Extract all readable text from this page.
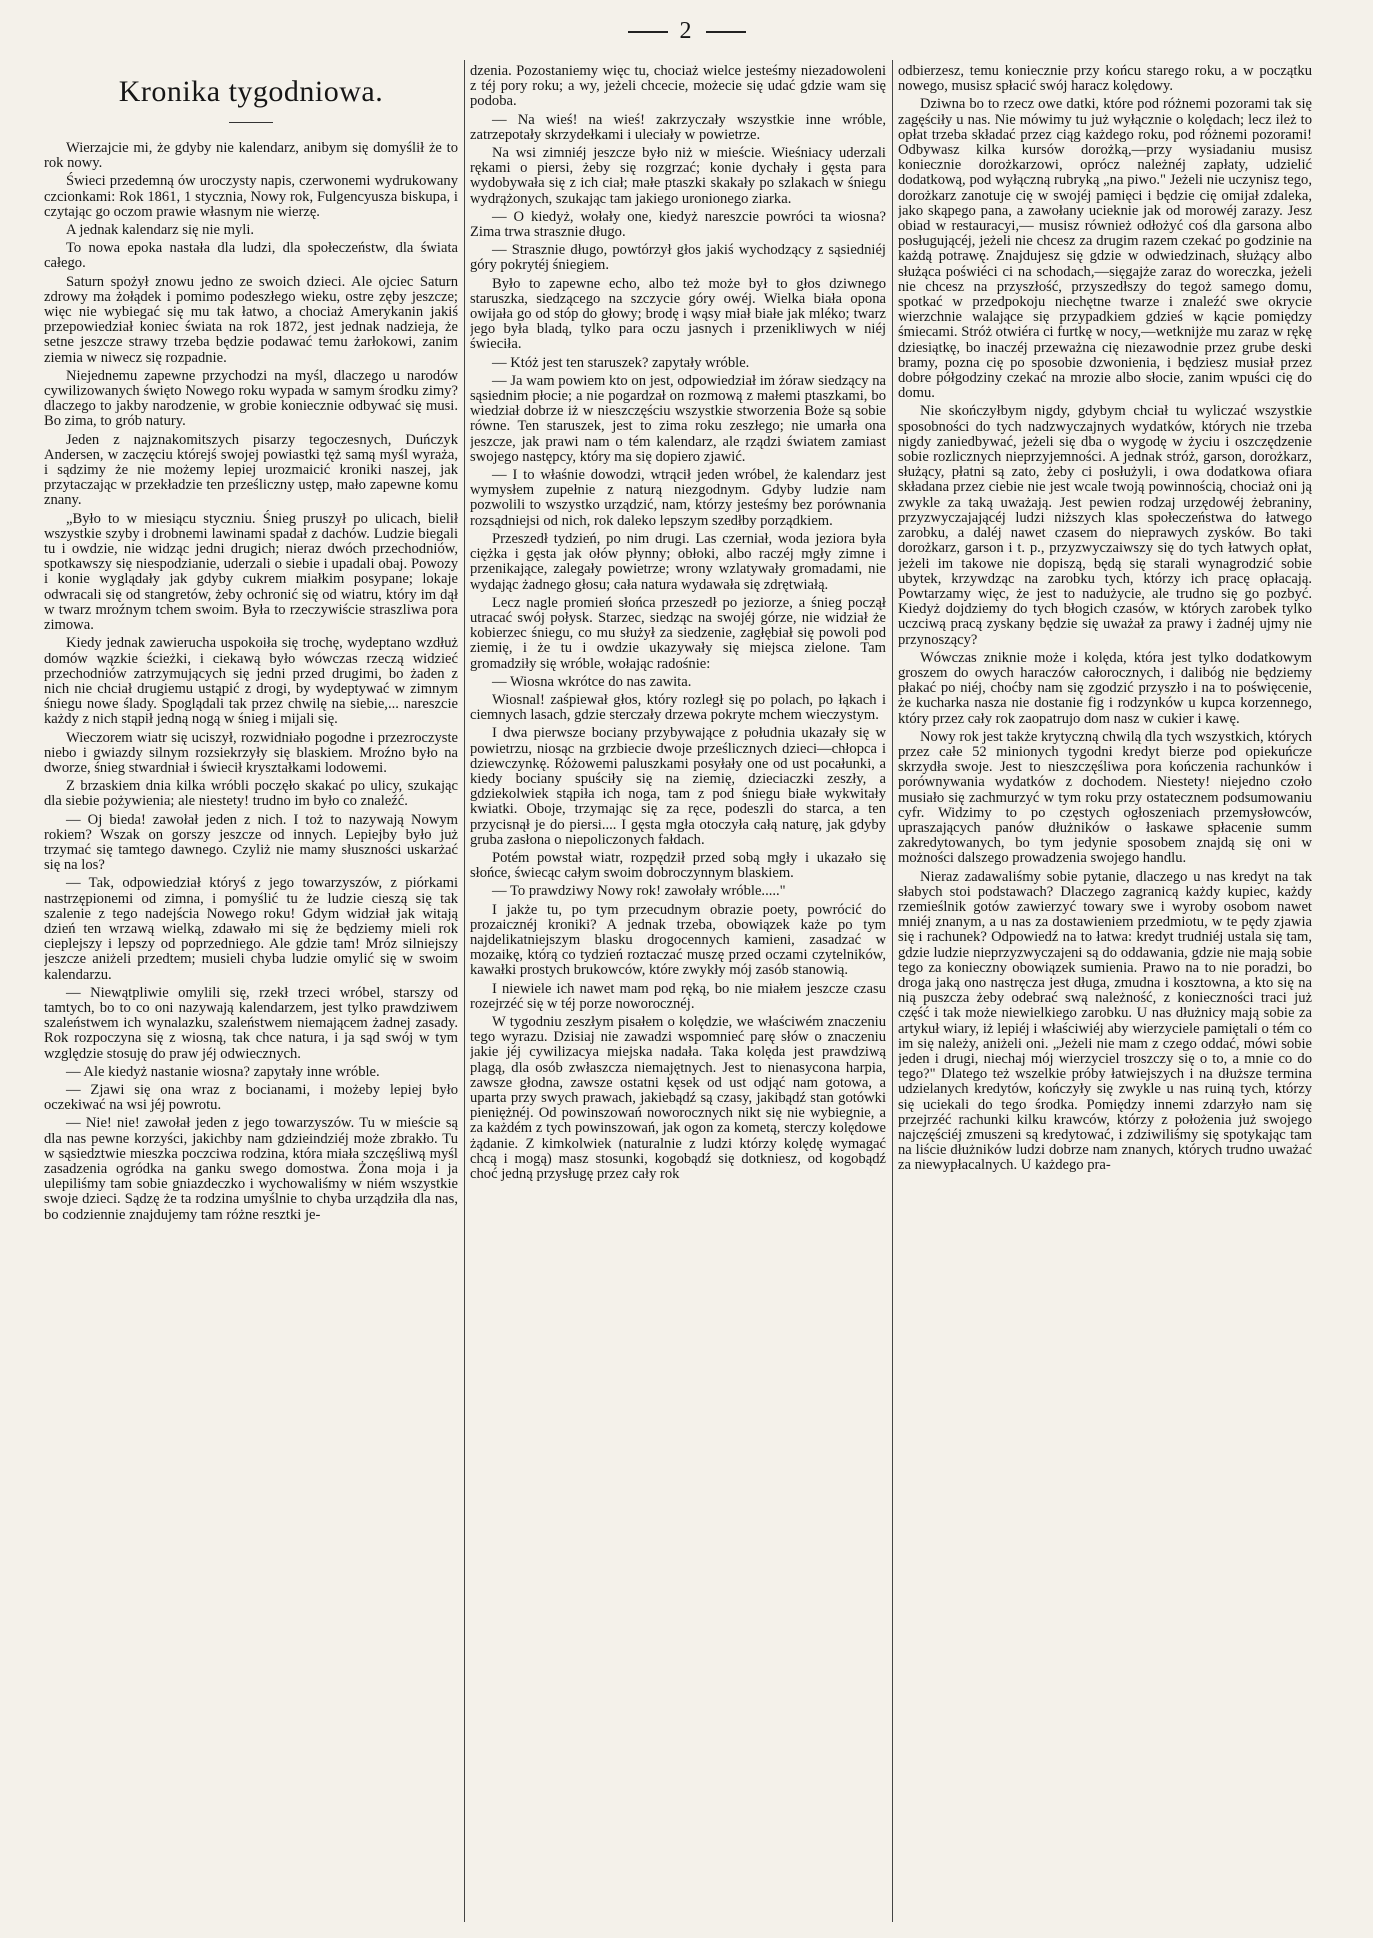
2
Kronika tygodniowa.

Wierzajcie mi, że gdyby nie kalendarz, anibym się domyślił że to rok nowy.

Świeci przedemną ów uroczysty napis, czerwonemi wydrukowany czcionkami: Rok 1861, 1 stycznia, Nowy rok, Fulgencyusza biskupa, i czytając go oczom prawie własnym nie wierzę.

A jednak kalendarz się nie myli.

To nowa epoka nastała dla ludzi, dla społeczeństw, dla świata całego.

Saturn spożył znowu jedno ze swoich dzieci. Ale ojciec Saturn zdrowy ma żołądek i pomimo podeszłego wieku, ostre zęby jeszcze; więc nie wybiegać się mu tak łatwo, a chociaż Amerykanin jakiś przepowiedział koniec świata na rok 1872, jest jednak nadzieja, że setne jeszcze strawy trzeba będzie podawać temu żarłokowi, zanim ziemia w niwecz się rozpadnie.

Niejednemu zapewne przychodzi na myśl, dlaczego u narodów cywilizowanych święto Nowego roku wypada w samym środku zimy? dlaczego to jakby narodzenie, w grobie koniecznie odbywać się musi. Bo zima, to grób natury.

Jeden z najznakomitszych pisarzy tegoczesnych, Duńczyk Andersen, w zaczęciu którejś swojej powiastki tęż samą myśl wyraża, i sądzimy że nie możemy lepiej urozmaicić kroniki naszej, jak przytaczając w przekładzie ten prześliczny ustęp, mało zapewne komu znany.

„Było to w miesiącu styczniu. Śnieg pruszył po ulicach, bielił wszystkie szyby i drobnemi lawinami spadał z dachów. Ludzie biegali tu i owdzie, nie widząc jedni drugich; nieraz dwóch przechodniów, spotkawszy się niespodzianie, uderzali o siebie i upadali obaj. Powozy i konie wyglądały jak gdyby cukrem miałkim posypane; lokaje odwracali się od stangretów, żeby ochronić się od wiatru, który im dął w twarz mroźnym tchem swoim. Była to rzeczywiście straszliwa pora zimowa.

Kiedy jednak zawierucha uspokoiła się trochę, wydeptano wzdłuż domów wązkie ścieżki, i ciekawą było wówczas rzeczą widzieć przechodniów zatrzymujących się jedni przed drugimi, bo żaden z nich nie chciał drugiemu ustąpić z drogi, by wydeptywać w zimnym śniegu nowe ślady. Spoglądali tak przez chwilę na siebie,... nareszcie każdy z nich stąpił jedną nogą w śnieg i mijali się.

Wieczorem wiatr się uciszył, rozwidniało pogodne i przezroczyste niebo i gwiazdy silnym rozsiekrzyły się blaskiem. Mroźno było na dworze, śnieg stwardniał i świecił kryształkami lodowemi.

Z brzaskiem dnia kilka wróbli poczęło skakać po ulicy, szukając dla siebie pożywienia; ale niestety! trudno im było co znaleźć.

— Oj bieda! zawołał jeden z nich. I toż to nazywają Nowym rokiem? Wszak on gorszy jeszcze od innych. Lepiejby było już trzymać się tamtego dawnego. Czyliż nie mamy słuszności uskarżać się na los?

— Tak, odpowiedział któryś z jego towarzyszów, z piórkami nastrzępionemi od zimna, i pomyślić tu że ludzie cieszą się tak szalenie z tego nadejścia Nowego roku! Gdym widział jak witają dzień ten wrzawą wielką, zdawało mi się że będziemy mieli rok cieplejszy i lepszy od poprzedniego. Ale gdzie tam! Mróz silniejszy jeszcze aniżeli przedtem; musieli chyba ludzie omylić się w swoim kalendarzu.

— Niewątpliwie omylili się, rzekł trzeci wróbel, starszy od tamtych, bo to co oni nazywają kalendarzem, jest tylko prawdziwem szaleństwem ich wynalazku, szaleństwem niemającem żadnej zasady. Rok rozpoczyna się z wiosną, tak chce natura, i ja sąd swój w tym względzie stosuję do praw jéj odwiecznych.

— Ale kiedyż nastanie wiosna? zapytały inne wróble.

— Zjawi się ona wraz z bocianami, i możeby lepiej było oczekiwać na wsi jéj powrotu.

— Nie! nie! zawołał jeden z jego towarzyszów. Tu w mieście są dla nas pewne korzyści, jakichby nam gdzieindziéj może zbrakło. Tu w sąsiedztwie mieszka poczciwa rodzina, która miała szczęśliwą myśl zasadzenia ogródka na ganku swego domostwa. Żona moja i ja ulepiliśmy tam sobie gniazdeczko i wychowaliśmy w niém wszystkie swoje dzieci. Sądzę że ta rodzina umyślnie to chyba urządziła dla nas, bo codziennie znajdujemy tam różne resztki je-

dzenia. Pozostaniemy więc tu, chociaż wielce jesteśmy niezadowoleni z téj pory roku; a wy, jeżeli chcecie, możecie się udać gdzie wam się podoba.

— Na wieś! na wieś! zakrzyczały wszystkie inne wróble, zatrzepotały skrzydełkami i uleciały w powietrze.

Na wsi zimniéj jeszcze było niż w mieście. Wieśniacy uderzali rękami o piersi, żeby się rozgrzać; konie dychały i gęsta para wydobywała się z ich ciał; małe ptaszki skakały po szlakach w śniegu wydrążonych, szukając tam jakiego uronionego ziarka.

— O kiedyż, wołały one, kiedyż nareszcie powróci ta wiosna? Zima trwa strasznie długo.

— Strasznie długo, powtórzył głos jakiś wychodzący z sąsiedniéj góry pokrytéj śniegiem.

Było to zapewne echo, albo też może był to głos dziwnego staruszka, siedzącego na szczycie góry owéj. Wielka biała opona owijała go od stóp do głowy; brodę i wąsy miał białe jak mléko; twarz jego była bladą, tylko para oczu jasnych i przenikliwych w niéj świeciła.

— Któż jest ten staruszek? zapytały wróble.

— Ja wam powiem kto on jest, odpowiedział im żóraw siedzący na sąsiednim płocie; a nie pogardzał on rozmową z małemi ptaszkami, bo wiedział dobrze iż w nieszczęściu wszystkie stworzenia Boże są sobie równe. Ten staruszek, jest to zima roku zeszłego; nie umarła ona jeszcze, jak prawi nam o tém kalendarz, ale rządzi światem zamiast swojego następcy, który ma się dopiero zjawić.

— I to właśnie dowodzi, wtrącił jeden wróbel, że kalendarz jest wymysłem zupełnie z naturą niezgodnym. Gdyby ludzie nam pozwolili to wszystko urządzić, nam, którzy jesteśmy bez porównania rozsądniejsi od nich, rok daleko lepszym szedłby porządkiem.

Przeszedł tydzień, po nim drugi. Las czerniał, woda jeziora była ciężka i gęsta jak ołów płynny; obłoki, albo raczéj mgły zimne i przenikające, zalegały powietrze; wrony wzlatywały gromadami, nie wydając żadnego głosu; cała natura wydawała się zdrętwiałą.

Lecz nagle promień słońca przeszedł po jeziorze, a śnieg począł utracać swój połysk. Starzec, siedząc na swojéj górze, nie widział że kobierzec śniegu, co mu służył za siedzenie, zagłębiał się powoli pod ziemię, i że tu i owdzie ukazywały się miejsca zielone. Tam gromadziły się wróble, wołając radośnie:

— Wiosna wkrótce do nas zawita.

Wiosnal! zaśpiewał głos, który rozległ się po polach, po łąkach i ciemnych lasach, gdzie sterczały drzewa pokryte mchem wieczystym.

I dwa pierwsze bociany przybywające z południa ukazały się w powietrzu, niosąc na grzbiecie dwoje prześlicznych dzieci—chłopca i dziewczynkę. Różowemi paluszkami posyłały one od ust pocałunki, a kiedy bociany spuściły się na ziemię, dzieciaczki zeszły, a gdziekolwiek stąpiła ich noga, tam z pod śniegu białe wykwitały kwiatki. Oboje, trzymając się za ręce, podeszli do starca, a ten przycisnął je do piersi.... I gęsta mgła otoczyła całą naturę, jak gdyby gruba zasłona o niepoliczonych fałdach.

Potém powstał wiatr, rozpędził przed sobą mgły i ukazało się słońce, świecąc całym swoim dobroczynnym blaskiem.

— To prawdziwy Nowy rok! zawołały wróble....."

I jakże tu, po tym przecudnym obrazie poety, powrócić do prozaicznéj kroniki? A jednak trzeba, obowiązek każe po tym najdelikatniejszym blasku drogocennych kamieni, zasadzać w mozaikę, którą co tydzień roztaczać muszę przed oczami czytelników, kawałki prostych brukowców, które zwykły mój zasób stanowią.

I niewiele ich nawet mam pod ręką, bo nie miałem jeszcze czasu rozejrzéć się w téj porze noworocznéj.

W tygodniu zeszłym pisałem o kolędzie, we właściwém znaczeniu tego wyrazu. Dzisiaj nie zawadzi wspomnieć parę słów o znaczeniu jakie jéj cywilizacya miejska nadała. Taka kolęda jest prawdziwą plagą, dla osób zwłaszcza niemajętnych. Jest to nienasycona harpia, zawsze głodna, zawsze ostatni kęsek od ust odjąć nam gotowa, a uparta przy swych prawach, jakiebądź są czasy, jakibądź stan gotówki pieniężnéj. Od powinszowań noworocznych nikt się nie wybiegnie, a za każdém z tych powinszowań, jak ogon za kometą, sterczy kolędowe żądanie. Z kimkolwiek (naturalnie z ludzi którzy kolędę wymagać chcą i mogą) masz stosunki, kogobądź się dotkniesz, od kogobądź choć jedną przysługę przez cały rok

odbierzesz, temu koniecznie przy końcu starego roku, a w początku nowego, musisz spłacić swój haracz kolędowy.

Dziwna bo to rzecz owe datki, które pod różnemi pozorami tak się zagęściły u nas. Nie mówimy tu już wyłącznie o kolędach; lecz ileż to opłat trzeba składać przez ciąg każdego roku, pod różnemi pozorami! Odbywasz kilka kursów dorożką,—przy wysiadaniu musisz koniecznie dorożkarzowi, oprócz należnéj zapłaty, udzielić dodatkową, pod wyłączną rubryką „na piwo." Jeżeli nie uczynisz tego, dorożkarz zanotuje cię w swojéj pamięci i będzie cię omijał zdaleka, jako skąpego pana, a zawołany ucieknie jak od morowéj zarazy. Jesz obiad w restauracyi,— musisz również odłożyć coś dla garsona albo posługującéj, jeżeli nie chcesz za drugim razem czekać po godzinie na każdą potrawę. Znajdujesz się gdzie w odwiedzinach, służący albo służąca poświéci ci na schodach,—sięgajże zaraz do woreczka, jeżeli nie chcesz na przyszłość, przyszedłszy do tegoż samego domu, spotkać w przedpokoju niechętne twarze i znaleźć swe okrycie wierzchnie walające się przypadkiem gdzieś w kącie pomiędzy śmiecami. Stróż otwiéra ci furtkę w nocy,—wetknijże mu zaraz w rękę dziesiątkę, bo inaczéj przeważna cię niezawodnie przez grube deski bramy, pozna cię po sposobie dzwonienia, i będziesz musiał przez dobre półgodziny czekać na mrozie albo słocie, zanim wpuści cię do domu.

Nie skończyłbym nigdy, gdybym chciał tu wyliczać wszystkie sposobności do tych nadzwyczajnych wydatków, których nie trzeba nigdy zaniedbywać, jeżeli się dba o wygodę w życiu i oszczędzenie sobie rozlicznych nieprzyjemności. A jednak stróż, garson, dorożkarz, służący, płatni są zato, żeby ci posłużyli, i owa dodatkowa ofiara składana przez ciebie nie jest wcale twoją powinnością, chociaż oni ją zwykle za taką uważają. Jest pewien rodzaj urzędowéj żebraniny, przyzwyczajającéj ludzi niższych klas społeczeństwa do łatwego zarobku, a daléj nawet czasem do nieprawych zysków. Bo taki dorożkarz, garson i t. p., przyzwyczaiwszy się do tych łatwych opłat, jeżeli im takowe nie dopiszą, będą się starali wynagrodzić sobie ubytek, krzywdząc na zarobku tych, którzy ich pracę opłacają. Powtarzamy więc, że jest to nadużycie, ale trudno się go pozbyć. Kiedyż dojdziemy do tych błogich czasów, w których zarobek tylko uczciwą pracą zyskany będzie się uważał za prawy i żadnéj ujmy nie przynoszący?

Wówczas zniknie może i kolęda, która jest tylko dodatkowym groszem do owych haraczów całorocznych, i dalibóg nie będziemy płakać po niéj, choćby nam się zgodzić przyszło i na to poświęcenie, że kucharka nasza nie dostanie fig i rodzynków u kupca korzennego, który przez cały rok zaopatrujo dom nasz w cukier i kawę.

Nowy rok jest także krytyczną chwilą dla tych wszystkich, których przez całe 52 minionych tygodni kredyt bierze pod opiekuńcze skrzydła swoje. Jest to nieszczęśliwa pora kończenia rachunków i porównywania wydatków z dochodem. Niestety! niejedno czoło musiało się zachmurzyć w tym roku przy ostatecznem podsumowaniu cyfr. Widzimy to po częstych ogłoszeniach przemysłowców, upraszających panów dłużników o łaskawe spłacenie summ zakredytowanych, bo tym jedynie sposobem znajdą się oni w możności dalszego prowadzenia swojego handlu.

Nieraz zadawaliśmy sobie pytanie, dlaczego u nas kredyt na tak słabych stoi podstawach? Dlaczego zagranicą każdy kupiec, każdy rzemieślnik gotów zawierzyć towary swe i wyroby osobom nawet mniéj znanym, a u nas za dostawieniem przedmiotu, w te pędy zjawia się i rachunek? Odpowiedź na to łatwa: kredyt trudniéj ustala się tam, gdzie ludzie nieprzyzwyczajeni są do oddawania, gdzie nie mają sobie tego za konieczny obowiązek sumienia. Prawo na to nie poradzi, bo droga jaką ono nastręcza jest długa, zmudna i kosztowna, a kto się na nią puszcza żeby odebrać swą należność, z konieczności traci już część i tak może niewielkiego zarobku. U nas dłużnicy mają sobie za artykuł wiary, iż lepiéj i właściwiéj aby wierzyciele pamiętali o tém co im się należy, aniżeli oni. „Jeżeli nie mam z czego oddać, mówi sobie jeden i drugi, niechaj mój wierzyciel troszczy się o to, a mnie co do tego?" Dlatego też wszelkie próby łatwiejszych i na dłuższe termina udzielanych kredytów, kończyły się zwykle u nas ruiną tych, którzy się uciekali do tego środka. Pomiędzy innemi zdarzyło nam się przejrzéć rachunki kilku krawców, którzy z położenia już swojego najczęściéj zmuszeni są kredytować, i zdziwiliśmy się spotykając tam na liście dłużników ludzi dobrze nam znanych, których trudno uważać za niewypłacalnych. U każdego pra-
